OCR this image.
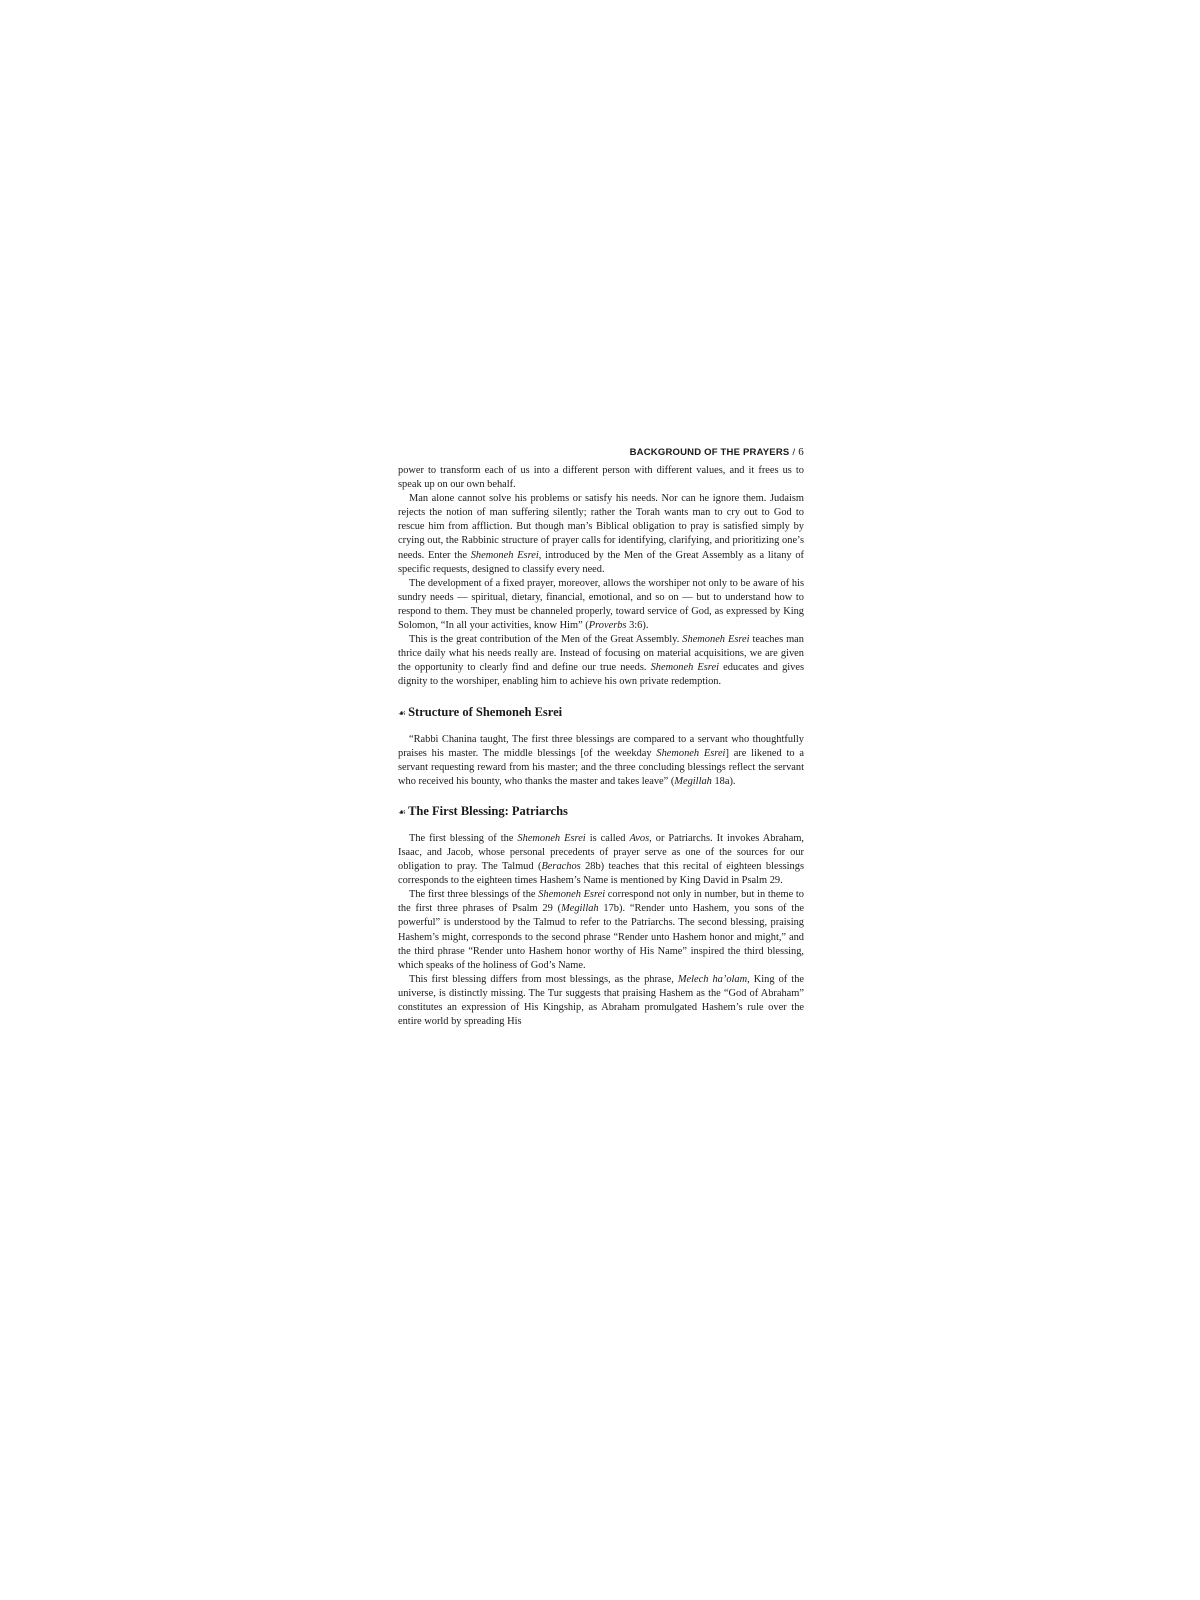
BACKGROUND OF THE PRAYERS / 6

power to transform each of us into a different person with different values, and it frees us to speak up on our own behalf.

Man alone cannot solve his problems or satisfy his needs. Nor can he ignore them. Judaism rejects the notion of man suffering silently; rather the Torah wants man to cry out to God to rescue him from affliction. But though man’s Biblical obligation to pray is satisfied simply by crying out, the Rabbinic structure of prayer calls for identifying, clarifying, and prioritizing one’s needs. Enter the Shemoneh Esrei, introduced by the Men of the Great Assembly as a litany of specific requests, designed to classify every need.

The development of a fixed prayer, moreover, allows the worshiper not only to be aware of his sundry needs — spiritual, dietary, financial, emotional, and so on — but to understand how to respond to them. They must be channeled properly, toward service of God, as expressed by King Solomon, “In all your activities, know Him” (Proverbs 3:6).

This is the great contribution of the Men of the Great Assembly. Shemoneh Esrei teaches man thrice daily what his needs really are. Instead of focusing on material acquisitions, we are given the opportunity to clearly find and define our true needs. Shemoneh Esrei educates and gives dignity to the worshiper, enabling him to achieve his own private redemption.

☙ Structure of Shemoneh Esrei

“Rabbi Chanina taught, The first three blessings are compared to a servant who thoughtfully praises his master. The middle blessings [of the weekday Shemoneh Esrei] are likened to a servant requesting reward from his master; and the three concluding blessings reflect the servant who received his bounty, who thanks the master and takes leave” (Megillah 18a).

☙ The First Blessing: Patriarchs

The first blessing of the Shemoneh Esrei is called Avos, or Patriarchs. It invokes Abraham, Isaac, and Jacob, whose personal precedents of prayer serve as one of the sources for our obligation to pray. The Talmud (Berachos 28b) teaches that this recital of eighteen blessings corresponds to the eighteen times Hashem’s Name is mentioned by King David in Psalm 29.

The first three blessings of the Shemoneh Esrei correspond not only in number, but in theme to the first three phrases of Psalm 29 (Megillah 17b). “Render unto Hashem, you sons of the powerful” is understood by the Talmud to refer to the Patriarchs. The second blessing, praising Hashem’s might, corresponds to the second phrase “Render unto Hashem honor and might,” and the third phrase “Render unto Hashem honor worthy of His Name” inspired the third blessing, which speaks of the holiness of God’s Name.

This first blessing differs from most blessings, as the phrase, Melech ha’olam, King of the universe, is distinctly missing. The Tur suggests that praising Hashem as the “God of Abraham” constitutes an expression of His Kingship, as Abraham promulgated Hashem’s rule over the entire world by spreading His
